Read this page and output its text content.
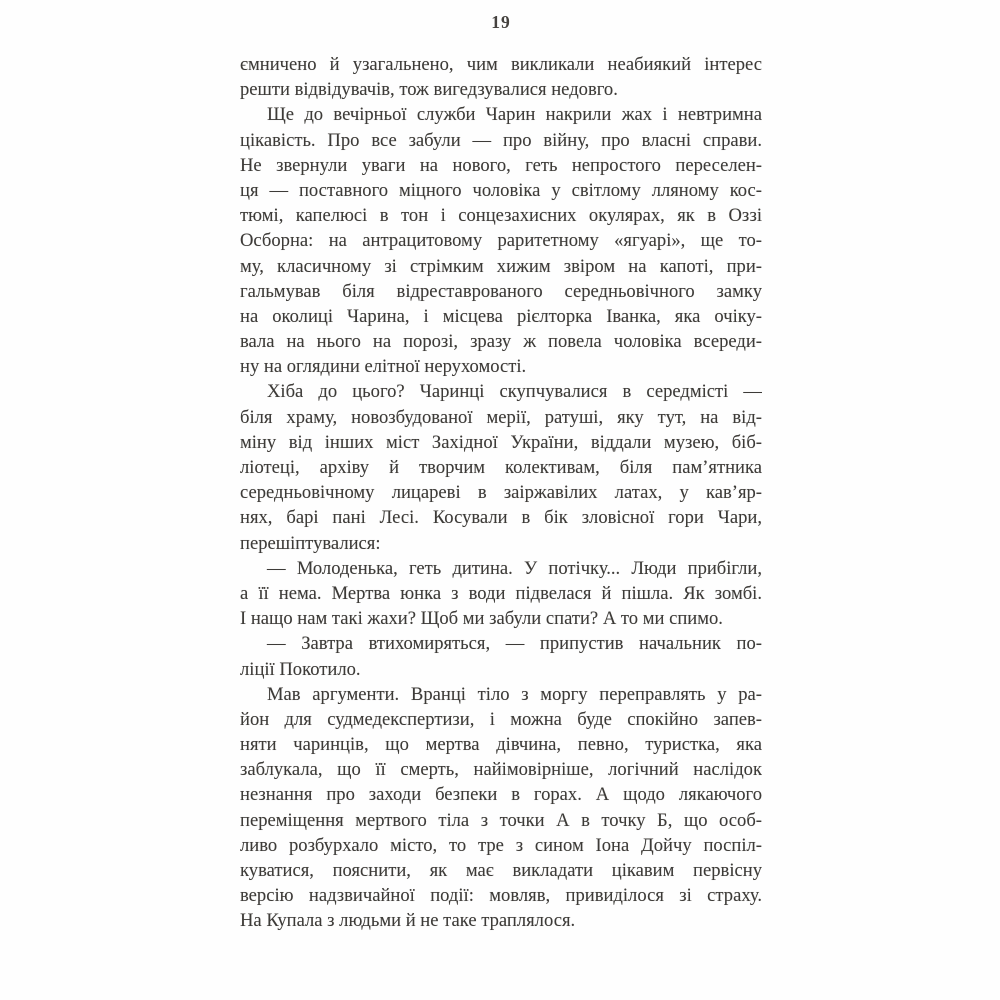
19
ємничено й узагальнено, чим викликали неабиякий інтерес
решти відвідувачів, тож вигедзувалися недовго.
Ще до вечірньої служби Чарин накрили жах і невтримна
цікавість. Про все забули — про війну, про власні справи.
Не звернули уваги на нового, геть непростого переселен-
ця — поставного міцного чоловіка у світлому лляному кос-
тюмі, капелюсі в тон і сонцезахисних окулярах, як в Оззі
Осборна: на антрацитовому раритетному «ягуарі», ще то-
му, класичному зі стрімким хижим звіром на капоті, при-
гальмував біля відреставрованого середньовічного замку
на околиці Чарина, і місцева рієлторка Іванка, яка очіку-
вала на нього на порозі, зразу ж повела чоловіка всереди-
ну на оглядини елітної нерухомості.
Хіба до цього? Чаринці скупчувалися в середмісті —
біля храму, новозбудованої мерії, ратуші, яку тут, на від-
міну від інших міст Західної України, віддали музею, біб-
ліотеці, архіву й творчим колективам, біля пам’ятника
середньовічному лицареві в заіржавілих латах, у кав’яр-
нях, барі пані Лесі. Косували в бік зловісної гори Чари,
перешіптувалися:
— Молоденька, геть дитина. У потічку... Люди прибігли,
а її нема. Мертва юнка з води підвелася й пішла. Як зомбі.
І нащо нам такі жахи? Щоб ми забули спати? А то ми спимо.
— Завтра втихомиряться, — припустив начальник по-
ліції Покотило.
Мав аргументи. Вранці тіло з моргу переправлять у ра-
йон для судмедекспертизи, і можна буде спокійно запев-
няти чаринців, що мертва дівчина, певно, туристка, яка
заблукала, що її смерть, найімовірніше, логічний наслідок
незнання про заходи безпеки в горах. А щодо лякаючого
переміщення мертвого тіла з точки А в точку Б, що особ-
ливо розбурхало місто, то тре з сином Іона Дойчу поспіл-
куватися, пояснити, як має викладати цікавим первісну
версію надзвичайної події: мовляв, привиділося зі страху.
На Купала з людьми й не таке траплялося.
